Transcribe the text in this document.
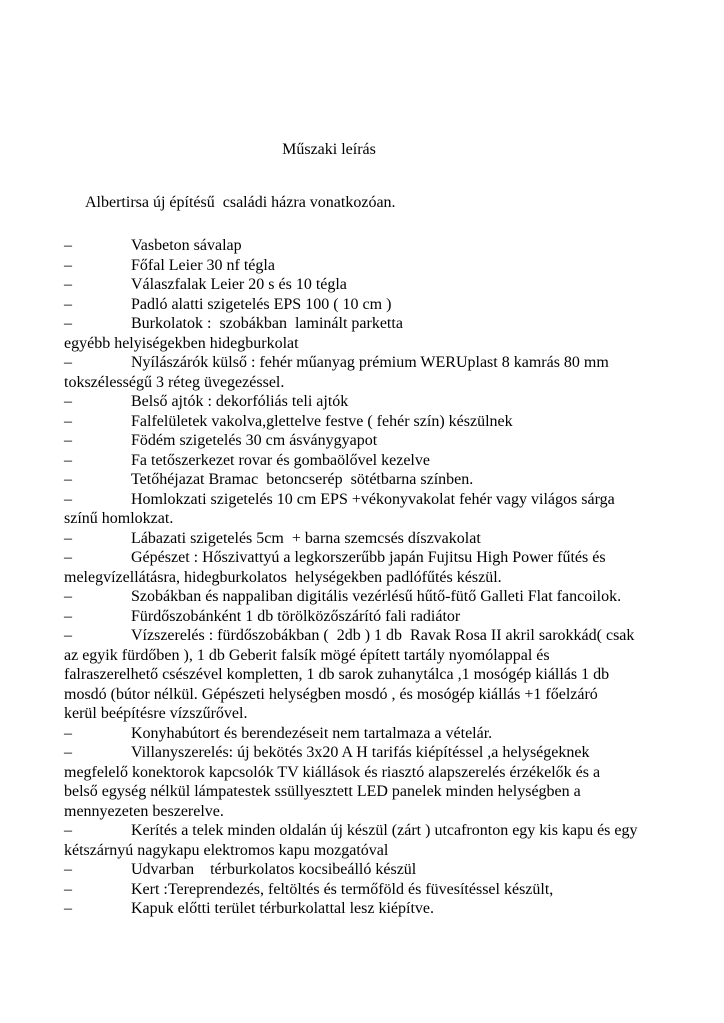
Műszaki leírás

Albertirsa új építésű  családi házra vonatkozóan.

–	Vasbeton sávalap
–	Főfal Leier 30 nf tégla
–	Válaszfalak Leier 20 s és 10 tégla
–	Padló alatti szigetelés EPS 100 ( 10 cm )
–	Burkolatok :  szobákban  laminált parketta
egyébb helyiségekben hidegburkolat
–	Nyílászárók külső : fehér műanyag prémium WERUplast 8 kamrás 80 mm
tokszélességű 3 réteg üvegezéssel.
–	Belső ajtók : dekorfóliás teli ajtók
–	Falfelületek vakolva,glettelve festve ( fehér szín) készülnek
–	Födém szigetelés 30 cm ásványgyapot
–	Fa tetőszerkezet rovar és gombaölővel kezelve
–	Tetőhéjazat Bramac  betoncserép  sötétbarna színben.
–	Homlokzati szigetelés 10 cm EPS +vékonyvakolat fehér vagy világos sárga
színű homlokzat.
–	Lábazati szigetelés 5cm  + barna szemcsés díszvakolat
–	Gépészet : Hőszivattyú a legkorszerűbb japán Fujitsu High Power fűtés és
melegvízellátásra, hidegburkolatos  helységekben padlófűtés készül.
–	Szobákban és nappaliban digitális vezérlésű hűtő-fütő Galleti Flat fancoilok.
–	Fürdőszobánként 1 db törölközőszárító fali radiátor
–	Vízszerelés : fürdőszobákban (  2db ) 1 db  Ravak Rosa II akril sarokkád( csak
az egyik fürdőben ), 1 db Geberit falsík mögé épített tartály nyomólappal és
falraszerelhető csészével kompletten, 1 db sarok zuhanytálca ,1 mosógép kiállás 1 db
mosdó (bútor nélkül. Gépészeti helységben mosdó , és mosógép kiállás +1 főelzáró
kerül beépítésre vízszűrővel.
–	Konyhabútort és berendezéseit nem tartalmaza a vételár.
–	Villanyszerelés: új bekötés 3x20 A H tarifás kiépítéssel ,a helységeknek
megfelelő konektorok kapcsolók TV kiállások és riasztó alapszerelés érzékelők és a
belső egység nélkül lámpatestek ssüllyesztett LED panelek minden helységben a
mennyezeten beszerelve.
–	Kerítés a telek minden oldalán új készül (zárt ) utcafronton egy kis kapu és egy
kétszárnyú nagykapu elektromos kapu mozgatóval
–	Udvarban    térburkolatos kocsibeálló készül
–	Kert :Tereprendezés, feltöltés és termőföld és füvesítéssel készült,
–	Kapuk előtti terület térburkolattal lesz kiépítve.
